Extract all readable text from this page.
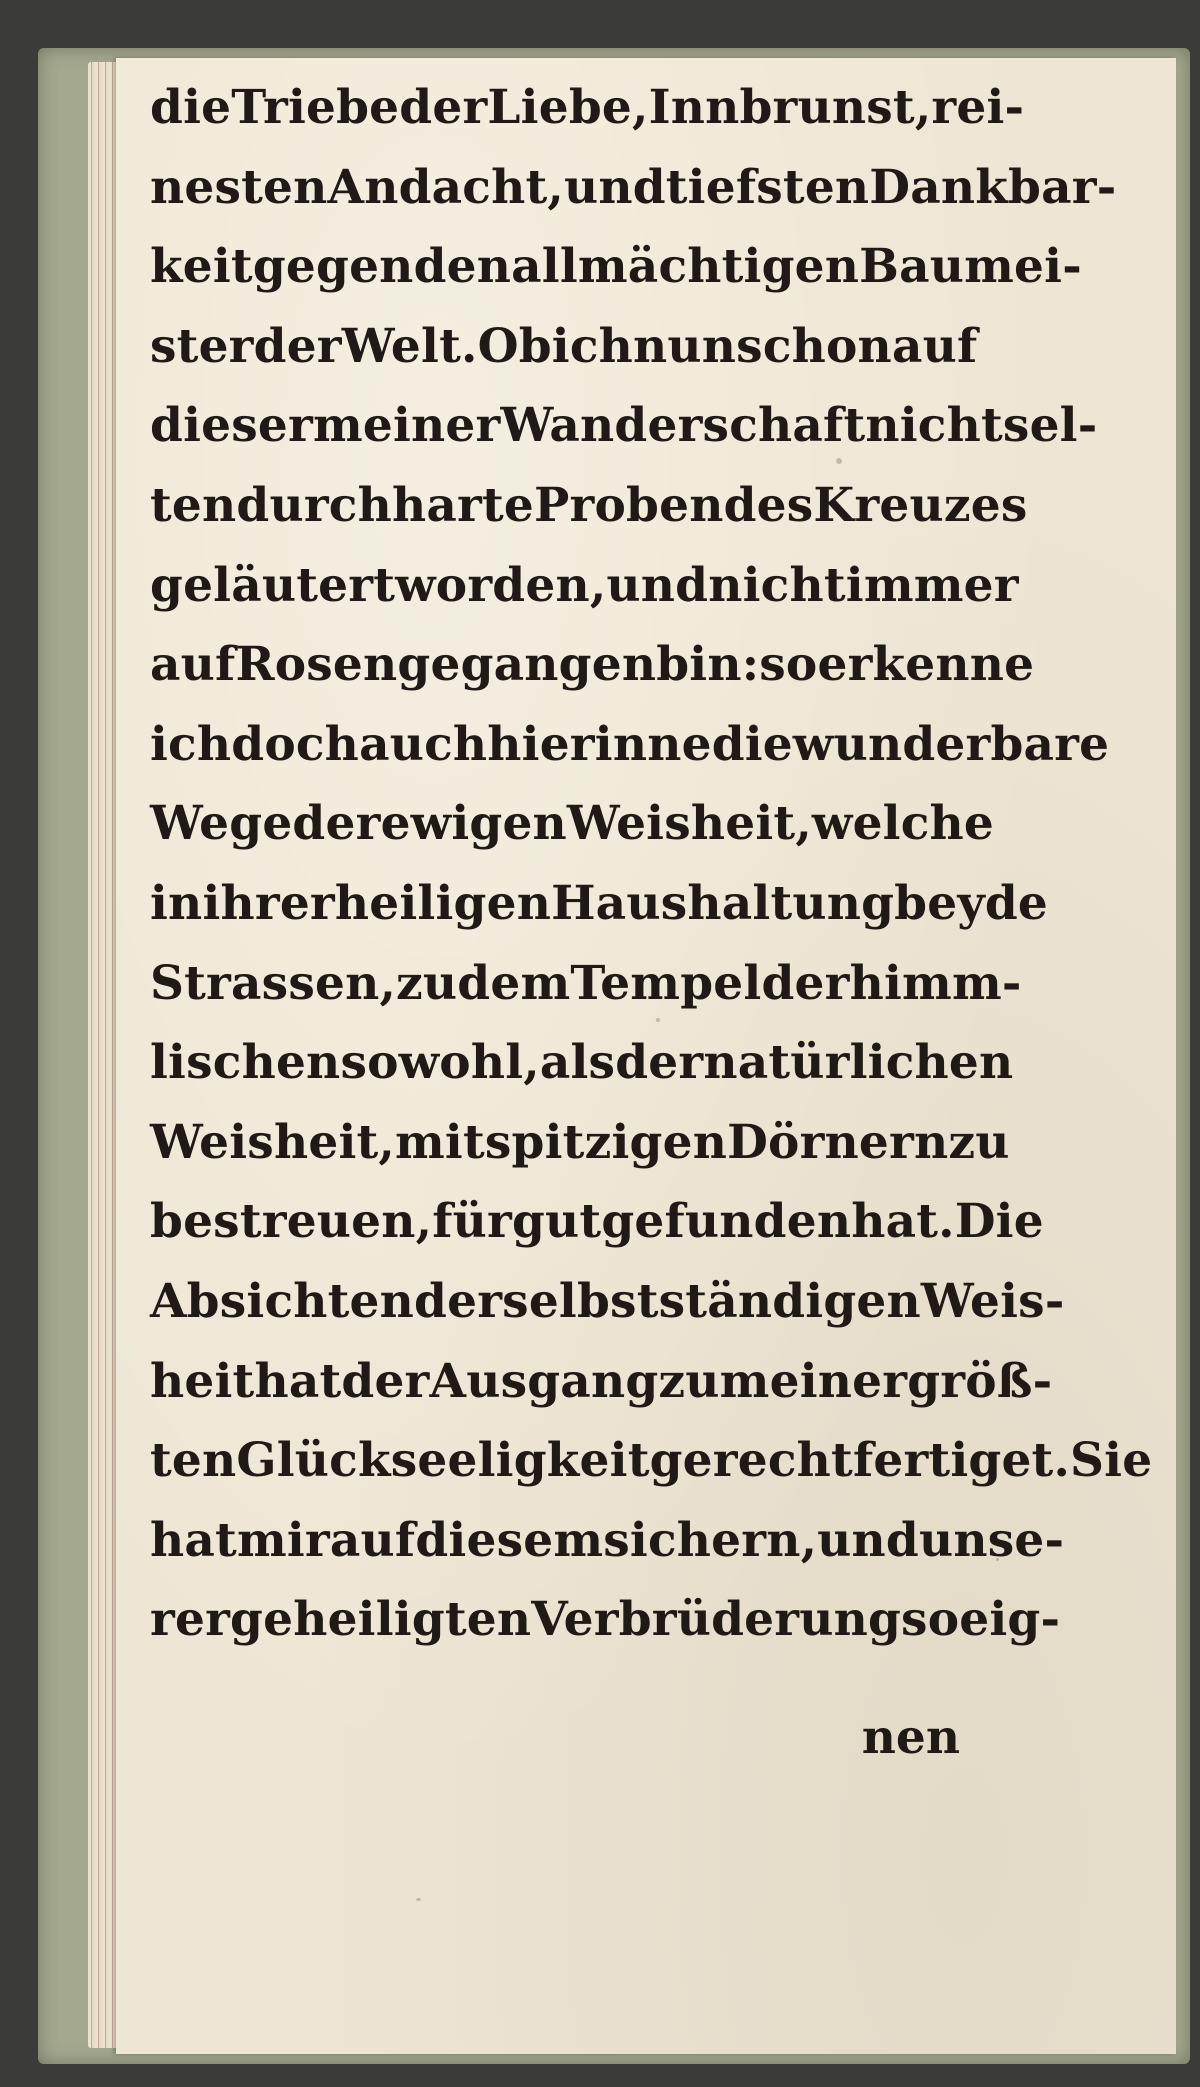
die Triebe der Liebe, Innbrunst, rei-
nesten Andacht, und tiefsten Dankbar-
keit gegen den allmächtigen Baumei-
ster der Welt. Ob ich nun schon auf
dieser meiner Wanderschaft nicht sel-
ten durch harte Proben des Kreuzes
geläutert worden, und nicht immer
auf Rosen gegangen bin: so erkenne
ich doch auch hierinne die wunderbare
Wege der ewigen Weisheit, welche
in ihrer heiligen Haushaltung beyde
Strassen, zu dem Tempel der himm-
lischen sowohl, als der natürlichen
Weisheit, mit spitzigen Dörnern zu
bestreuen, für gut gefunden hat. Die
Absichten der selbstständigen Weis-
heit hat der Ausgang zu meiner größ-
ten Glückseeligkeit gerechtfertiget. Sie
hat mir auf diesem sichern, und unse-
rer geheiligten Verbrüderung so eig-
nen
